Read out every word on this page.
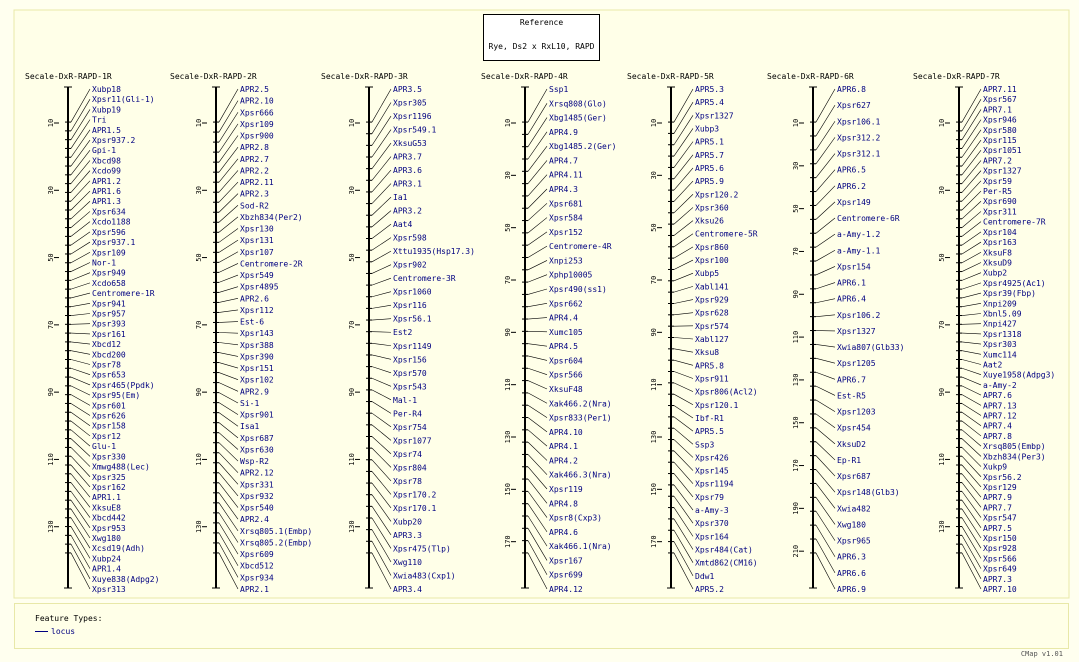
Secale-DxR-RAPD-1R
10
30
50
70
90
110
130
Xubp18
Xpsr11(Gli-1)
Xubp19
Tri
APR1.5
Xpsr937.2
Gpi-1
Xbcd98
Xcdo99
APR1.2
APR1.6
APR1.3
Xpsr634
Xcdo1188
Xpsr596
Xpsr937.1
Xpsr109
Nor-1
Xpsr949
Xcdo658
Centromere-1R
Xpsr941
Xpsr957
Xpsr393
Xpsr161
Xbcd12
Xbcd200
Xpsr78
Xpsr653
Xpsr465(Ppdk)
Xpsr95(Em)
Xpsr601
Xpsr626
Xpsr158
Xpsr12
Glu-1
Xpsr330
Xmwg488(Lec)
Xpsr325
Xpsr162
APR1.1
XksuE8
Xbcd442
Xpsr953
Xwg180
Xcsd19(Adh)
Xubp24
APR1.4
Xuye838(Adpg2)
Xpsr313
Secale-DxR-RAPD-2R
10
30
50
70
90
110
130
APR2.5
APR2.10
Xpsr666
Xpsr109
Xpsr900
APR2.8
APR2.7
APR2.2
APR2.11
APR2.3
Sod-R2
Xbzh834(Per2)
Xpsr130
Xpsr131
Xpsr107
Centromere-2R
Xpsr549
Xpsr4895
APR2.6
Xpsr112
Est-6
Xpsr143
Xpsr388
Xpsr390
Xpsr151
Xpsr102
APR2.9
Si-1
Xpsr901
Isa1
Xpsr687
Xpsr630
Wsp-R2
APR2.12
Xpsr331
Xpsr932
Xpsr540
APR2.4
Xrsq805.1(Embp)
Xrsq805.2(Embp)
Xpsr609
Xbcd512
Xpsr934
APR2.1
Secale-DxR-RAPD-3R
10
30
50
70
90
110
130
APR3.5
Xpsr305
Xpsr1196
Xpsr549.1
XksuG53
APR3.7
APR3.6
APR3.1
Ia1
APR3.2
Aat4
Xpsr598
Xttu1935(Hsp17.3)
Xpsr902
Centromere-3R
Xpsr1060
Xpsr116
Xpsr56.1
Est2
Xpsr1149
Xpsr156
Xpsr570
Xpsr543
Mal-1
Per-R4
Xpsr754
Xpsr1077
Xpsr74
Xpsr804
Xpsr78
Xpsr170.2
Xpsr170.1
Xubp20
APR3.3
Xpsr475(Tlp)
Xwg110
Xwia483(Cxp1)
APR3.4
Secale-DxR-RAPD-4R
10
30
50
70
90
110
130
150
170
Ssp1
Xrsq808(Glo)
Xbg1485(Ger)
APR4.9
Xbg1485.2(Ger)
APR4.7
APR4.11
APR4.3
Xpsr681
Xpsr584
Xpsr152
Centromere-4R
Xnpi253
Xphp10005
Xpsr490(ss1)
Xpsr662
APR4.4
Xumc105
APR4.5
Xpsr604
Xpsr566
XksuF48
Xak466.2(Nra)
Xpsr833(Per1)
APR4.10
APR4.1
APR4.2
Xak466.3(Nra)
Xpsr119
APR4.8
Xpsr8(Cxp3)
APR4.6
Xak466.1(Nra)
Xpsr167
Xpsr699
APR4.12
Secale-DxR-RAPD-5R
10
30
50
70
90
110
130
150
170
APR5.3
APR5.4
Xpsr1327
Xubp3
APR5.1
APR5.7
APR5.6
APR5.9
Xpsr120.2
Xpsr360
Xksu26
Centromere-5R
Xpsr860
Xpsr100
Xubp5
Xabl141
Xpsr929
Xpsr628
Xpsr574
Xabl127
Xksu8
APR5.8
Xpsr911
Xpsr806(Acl2)
Xpsr120.1
Ibf-R1
APR5.5
Ssp3
Xpsr426
Xpsr145
Xpsr1194
Xpsr79
a-Amy-3
Xpsr370
Xpsr164
Xpsr484(Cat)
Xmtd862(CM16)
Ddw1
APR5.2
Secale-DxR-RAPD-6R
10
30
50
70
90
110
130
150
170
190
210
APR6.8
Xpsr627
Xpsr106.1
Xpsr312.2
Xpsr312.1
APR6.5
APR6.2
Xpsr149
Centromere-6R
a-Amy-1.2
a-Amy-1.1
Xpsr154
APR6.1
APR6.4
Xpsr106.2
Xpsr1327
Xwia807(Glb33)
Xpsr1205
APR6.7
Est-R5
Xpsr1203
Xpsr454
XksuD2
Ep-R1
Xpsr687
Xpsr148(Glb3)
Xwia482
Xwg180
Xpsr965
APR6.3
APR6.6
APR6.9
Secale-DxR-RAPD-7R
10
30
50
70
90
110
130
APR7.11
Xpsr567
APR7.1
Xpsr946
Xpsr580
Xpsr115
Xpsr1051
APR7.2
Xpsr1327
Xpsr59
Per-R5
Xpsr690
Xpsr311
Centromere-7R
Xpsr104
Xpsr163
XksuF8
XksuD9
Xubp2
Xpsr4925(Ac1)
Xpsr39(Fbp)
Xnpi209
Xbnl5.09
Xnpi427
Xpsr1318
Xpsr303
Xumc114
Aat2
Xuye1958(Adpg3)
a-Amy-2
APR7.6
APR7.13
APR7.12
APR7.4
APR7.8
Xrsq805(Embp)
Xbzh834(Per3)
Xukp9
Xpsr56.2
Xpsr129
APR7.9
APR7.7
Xpsr547
APR7.5
Xpsr150
Xpsr928
Xpsr566
Xpsr649
APR7.3
APR7.10
Reference
Rye, Ds2 x RxL10, RAPD
Feature Types:
locus
CMap v1.01
